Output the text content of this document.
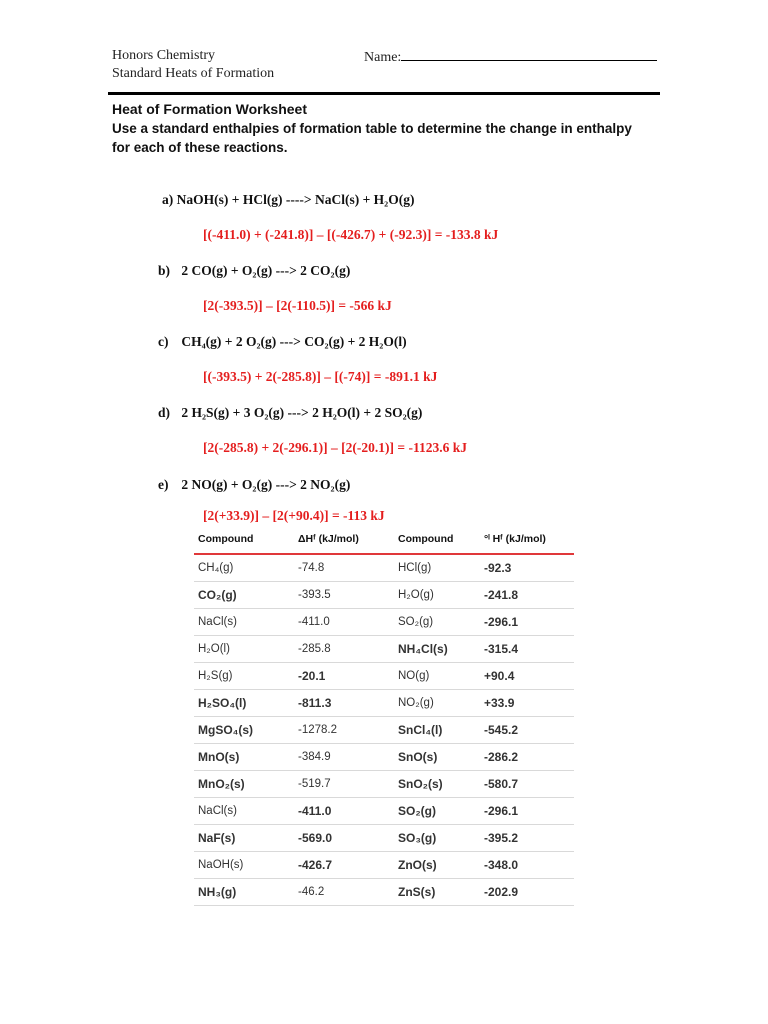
Honors Chemistry
Standard Heats of Formation
Name:
Heat of Formation Worksheet
Use a standard enthalpies of formation table to determine the change in enthalpy for each of these reactions.
a) NaOH(s) + HCl(g) ----> NaCl(s) + H₂O(g)
[(-411.0) + (-241.8)] – [(-426.7) + (-92.3)] = -133.8 kJ
b) 2 CO(g) + O₂(g) ---> 2 CO₂(g)
[2(-393.5)] – [2(-110.5)] = -566 kJ
c) CH₄(g) + 2 O₂(g) ---> CO₂(g) + 2 H₂O(l)
[(-393.5) + 2(-285.8)] – [(-74)] = -891.1 kJ
d) 2 H₂S(g) + 3 O₂(g) ---> 2 H₂O(l) + 2 SO₂(g)
[2(-285.8) + 2(-296.1)] – [2(-20.1)] = -1123.6 kJ
e) 2 NO(g) + O₂(g) ---> 2 NO₂(g)
[2(+33.9)] – [2(+90.4)] = -113 kJ
Compound	ΔHᶠ (kJ/mol)	Compound	°ˡ Hᶠ (kJ/mol)
CH₄(g)	-74.8	HCl(g)	-92.3
CO₂(g)	-393.5	H₂O(g)	-241.8
NaCl(s)	-411.0	SO₂(g)	-296.1
H₂O(l)	-285.8	NH₄Cl(s)	-315.4
H₂S(g)	-20.1	NO(g)	+90.4
H₂SO₄(l)	-811.3	NO₂(g)	+33.9
MgSO₄(s)	-1278.2	SnCl₄(l)	-545.2
MnO(s)	-384.9	SnO(s)	-286.2
MnO₂(s)	-519.7	SnO₂(s)	-580.7
NaCl(s)	-411.0	SO₂(g)	-296.1
NaF(s)	-569.0	SO₃(g)	-395.2
NaOH(s)	-426.7	ZnO(s)	-348.0
NH₃(g)	-46.2	ZnS(s)	-202.9
